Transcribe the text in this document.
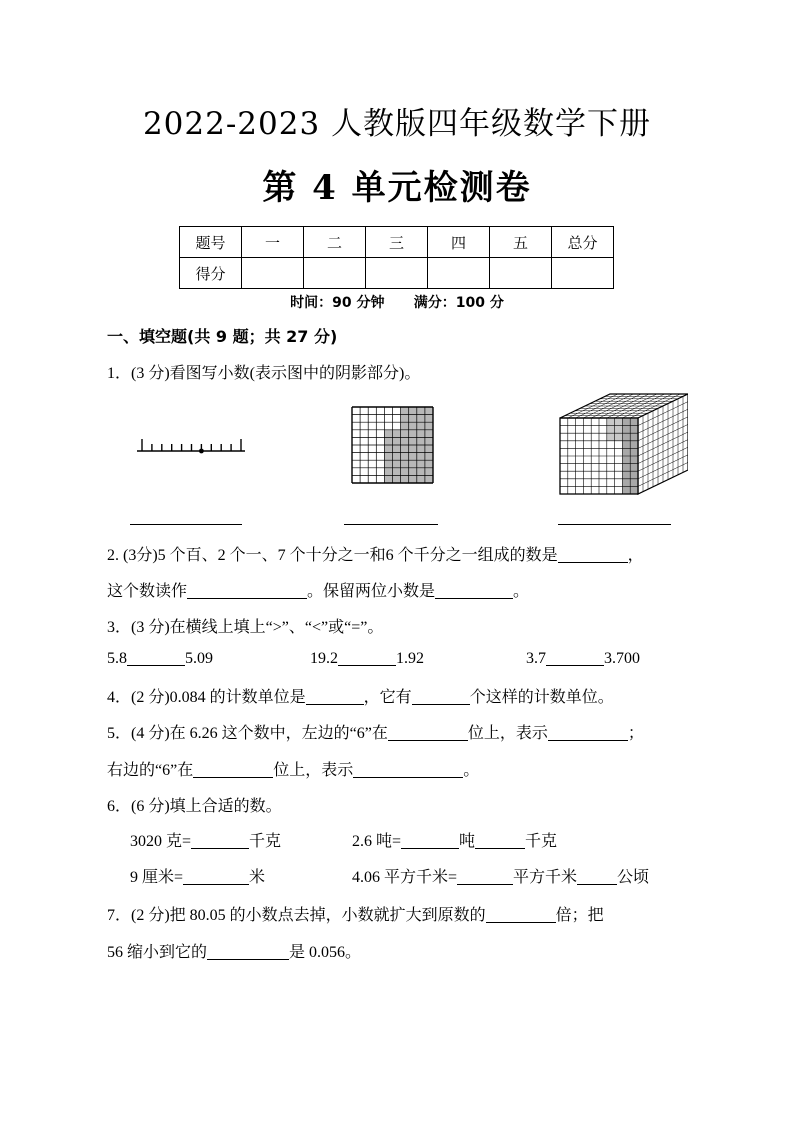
2022-2023 人教版四年级数学下册
第 4 单元检测卷
题号	一	二	三	四	五	总分
得分						
时间：90 分钟      满分：100 分
一、填空题(共 9 题；共 27 分)
1．(3 分)看图写小数(表示图中的阴影部分)。
2. (3分)5 个百、2 个一、7 个十分之一和6 个千分之一组成的数是	，
这个数读作	。保留两位小数是	。
3．(3 分)在横线上填上“>”、“<”或“=”。
5.8	5.09	19.2	1.92	3.7	3.700
4．(2 分)0.084 的计数单位是	，它有	个这样的计数单位。
5．(4 分)在 6.26 这个数中，左边的“6”在	位上，表示	；
右边的“6”在	位上，表示	。
6．(6 分)填上合适的数。
3020 克=	千克	2.6 吨=	吨	千克
9 厘米=	米	4.06 平方千米=	平方千米	公顷
7．(2 分)把 80.05 的小数点去掉，小数就扩大到原数的	倍；把
56 缩小到它的	是 0.056。
